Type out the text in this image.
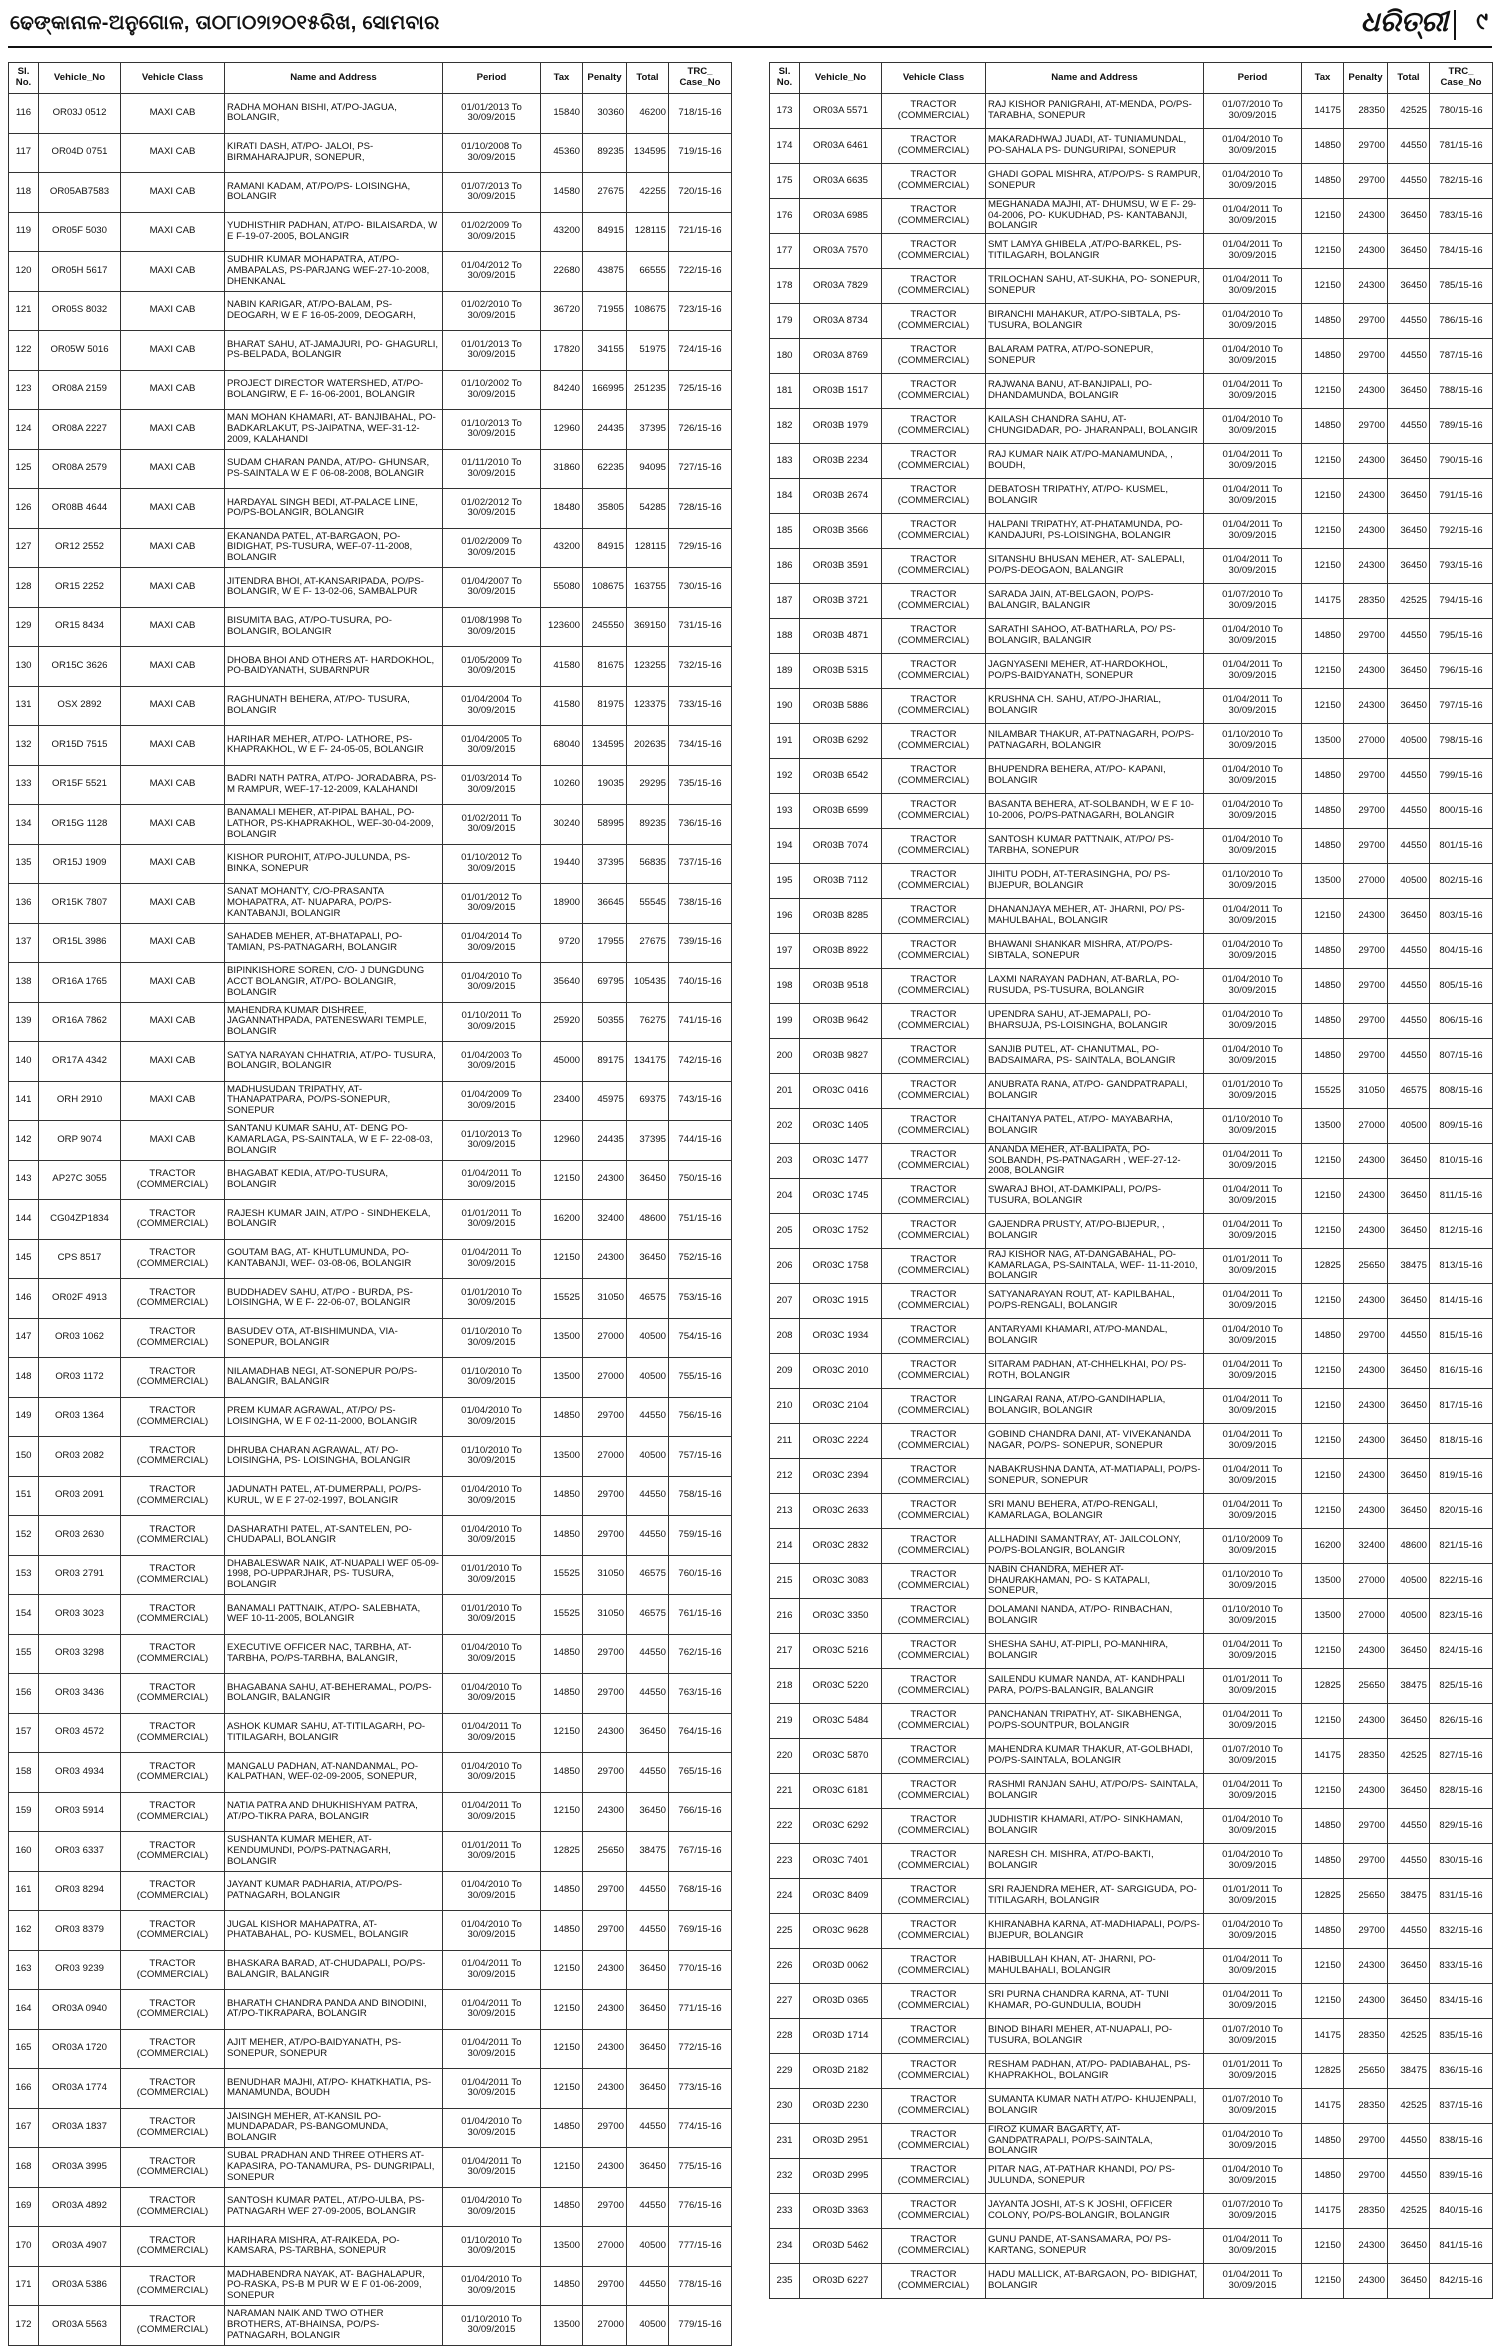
ଢେଙ୍କାନାଳ-ଅନୁଗୋଳ, ତା୦୮ା୦୨ା୨୦୧୫ରିଖ, ସୋମବାର	ଧରିତ୍ରୀ ୯
Sl. No.	Vehicle_No	Vehicle Class	Name and Address	Period	Tax	Penalty	Total	TRC_ Case_No
116	OR03J 0512	MAXI CAB	RADHA MOHAN BISHI, AT/PO-JAGUA, BOLANGIR,	01/01/2013 To 30/09/2015	15840	30360	46200	718/15-16
117	OR04D 0751	MAXI CAB	KIRATI DASH, AT/PO- JALOI, PS- BIRMAHARAJPUR, SONEPUR,	01/10/2008 To 30/09/2015	45360	89235	134595	719/15-16
118	OR05AB7583	MAXI CAB	RAMANI KADAM, AT/PO/PS- LOISINGHA, BOLANGIR	01/07/2013 To 30/09/2015	14580	27675	42255	720/15-16
119	OR05F 5030	MAXI CAB	YUDHISTHIR PADHAN, AT/PO- BILAISARDA, W E F-19-07-2005, BOLANGIR	01/02/2009 To 30/09/2015	43200	84915	128115	721/15-16
120	OR05H 5617	MAXI CAB	SUDHIR KUMAR MOHAPATRA, AT/PO- AMBAPALAS, PS-PARJANG WEF-27-10-2008, DHENKANAL	01/04/2012 To 30/09/2015	22680	43875	66555	722/15-16
121	OR05S 8032	MAXI CAB	NABIN KARIGAR, AT/PO-BALAM, PS-DEOGARH, W E F 16-05-2009, DEOGARH,	01/02/2010 To 30/09/2015	36720	71955	108675	723/15-16
122	OR05W 5016	MAXI CAB	BHARAT SAHU, AT-JAMAJURI, PO- GHAGURLI, PS-BELPADA, BOLANGIR	01/01/2013 To 30/09/2015	17820	34155	51975	724/15-16
123	OR08A 2159	MAXI CAB	PROJECT DIRECTOR WATERSHED, AT/PO- BOLANGIRW, E F- 16-06-2001, BOLANGIR	01/10/2002 To 30/09/2015	84240	166995	251235	725/15-16
124	OR08A 2227	MAXI CAB	MAN MOHAN KHAMARI, AT- BANJIBAHAL, PO-BADKARLAKUT, PS-JAIPATNA, WEF-31-12-2009, KALAHANDI	01/10/2013 To 30/09/2015	12960	24435	37395	726/15-16
125	OR08A 2579	MAXI CAB	SUDAM CHARAN PANDA, AT/PO- GHUNSAR, PS-SAINTALA W E F 06-08-2008, BOLANGIR	01/11/2010 To 30/09/2015	31860	62235	94095	727/15-16
126	OR08B 4644	MAXI CAB	HARDAYAL SINGH BEDI, AT-PALACE LINE, PO/PS-BOLANGIR, BOLANGIR	01/02/2012 To 30/09/2015	18480	35805	54285	728/15-16
127	OR12 2552	MAXI CAB	EKANANDA PATEL, AT-BARGAON, PO-BIDIGHAT, PS-TUSURA, WEF-07-11-2008, BOLANGIR	01/02/2009 To 30/09/2015	43200	84915	128115	729/15-16
128	OR15 2252	MAXI CAB	JITENDRA BHOI, AT-KANSARIPADA, PO/PS- BOLANGIR, W E F- 13-02-06, SAMBALPUR	01/04/2007 To 30/09/2015	55080	108675	163755	730/15-16
129	OR15 8434	MAXI CAB	BISUMITA BAG, AT/PO-TUSURA, PO- BOLANGIR, BOLANGIR	01/08/1998 To 30/09/2015	123600	245550	369150	731/15-16
130	OR15C 3626	MAXI CAB	DHOBA BHOI AND OTHERS AT- HARDOKHOL, PO-BAIDYANATH, SUBARNPUR	01/05/2009 To 30/09/2015	41580	81675	123255	732/15-16
131	OSX 2892	MAXI CAB	RAGHUNATH BEHERA, AT/PO- TUSURA, BOLANGIR	01/04/2004 To 30/09/2015	41580	81975	123375	733/15-16
132	OR15D 7515	MAXI CAB	HARIHAR MEHER, AT/PO- LATHORE, PS- KHAPRAKHOL, W E F- 24-05-05, BOLANGIR	01/04/2005 To 30/09/2015	68040	134595	202635	734/15-16
133	OR15F 5521	MAXI CAB	BADRI NATH PATRA, AT/PO- JORADABRA, PS-M RAMPUR, WEF-17-12-2009, KALAHANDI	01/03/2014 To 30/09/2015	10260	19035	29295	735/15-16
134	OR15G 1128	MAXI CAB	BANAMALI MEHER, AT-PIPAL BAHAL, PO-LATHOR, PS-KHAPRAKHOL, WEF-30-04-2009, BOLANGIR	01/02/2011 To 30/09/2015	30240	58995	89235	736/15-16
135	OR15J 1909	MAXI CAB	KISHOR PUROHIT, AT/PO-JULUNDA, PS-BINKA, SONEPUR	01/10/2012 To 30/09/2015	19440	37395	56835	737/15-16
136	OR15K 7807	MAXI CAB	SANAT MOHANTY, C/O-PRASANTA MOHAPATRA, AT- NUAPARA, PO/PS- KANTABANJI, BOLANGIR	01/01/2012 To 30/09/2015	18900	36645	55545	738/15-16
137	OR15L 3986	MAXI CAB	SAHADEB MEHER, AT-BHATAPALI, PO- TAMIAN, PS-PATNAGARH, BOLANGIR	01/04/2014 To 30/09/2015	9720	17955	27675	739/15-16
138	OR16A 1765	MAXI CAB	BIPINKISHORE SOREN, C/O- J DUNGDUNG ACCT BOLANGIR, AT/PO- BOLANGIR, BOLANGIR	01/04/2010 To 30/09/2015	35640	69795	105435	740/15-16
139	OR16A 7862	MAXI CAB	MAHENDRA KUMAR DISHREE, JAGANNATHPADA, PATENESWARI TEMPLE, BOLANGIR	01/10/2011 To 30/09/2015	25920	50355	76275	741/15-16
140	OR17A 4342	MAXI CAB	SATYA NARAYAN CHHATRIA, AT/PO- TUSURA, BOLANGIR, BOLANGIR	01/04/2003 To 30/09/2015	45000	89175	134175	742/15-16
141	ORH 2910	MAXI CAB	MADHUSUDAN TRIPATHY, AT- THANAPATPARA, PO/PS-SONEPUR, SONEPUR	01/04/2009 To 30/09/2015	23400	45975	69375	743/15-16
142	ORP 9074	MAXI CAB	SANTANU KUMAR SAHU, AT- DENG PO- KAMARLAGA, PS-SAINTALA, W E F- 22-08-03, BOLANGIR	01/10/2013 To 30/09/2015	12960	24435	37395	744/15-16
143	AP27C 3055	TRACTOR (COMMERCIAL)	BHAGABAT KEDIA, AT/PO-TUSURA, BOLANGIR	01/04/2011 To 30/09/2015	12150	24300	36450	750/15-16
144	CG04ZP1834	TRACTOR (COMMERCIAL)	RAJESH KUMAR JAIN, AT/PO - SINDHEKELA, BOLANGIR	01/01/2011 To 30/09/2015	16200	32400	48600	751/15-16
145	CPS 8517	TRACTOR (COMMERCIAL)	GOUTAM BAG, AT- KHUTLUMUNDA, PO- KANTABANJI, WEF- 03-08-06, BOLANGIR	01/04/2011 To 30/09/2015	12150	24300	36450	752/15-16
146	OR02F 4913	TRACTOR (COMMERCIAL)	BUDDHADEV SAHU, AT/PO - BURDA, PS- LOISINGHA, W E F- 22-06-07, BOLANGIR	01/01/2010 To 30/09/2015	15525	31050	46575	753/15-16
147	OR03 1062	TRACTOR (COMMERCIAL)	BASUDEV OTA, AT-BISHIMUNDA, VIA- SONEPUR, BOLANGIR	01/10/2010 To 30/09/2015	13500	27000	40500	754/15-16
148	OR03 1172	TRACTOR (COMMERCIAL)	NILAMADHAB NEGI, AT-SONEPUR PO/PS-BALANGIR, BALANGIR	01/10/2010 To 30/09/2015	13500	27000	40500	755/15-16
149	OR03 1364	TRACTOR (COMMERCIAL)	PREM KUMAR AGRAWAL, AT/PO/ PS-LOISINGHA, W E F 02-11-2000, BOLANGIR	01/04/2010 To 30/09/2015	14850	29700	44550	756/15-16
150	OR03 2082	TRACTOR (COMMERCIAL)	DHRUBA CHARAN AGRAWAL, AT/ PO-LOISINGHA, PS- LOISINGHA, BOLANGIR	01/10/2010 To 30/09/2015	13500	27000	40500	757/15-16
151	OR03 2091	TRACTOR (COMMERCIAL)	JADUNATH PATEL, AT-DUMERPALI, PO/PS-KURUL, W E F 27-02-1997, BOLANGIR	01/04/2010 To 30/09/2015	14850	29700	44550	758/15-16
152	OR03 2630	TRACTOR (COMMERCIAL)	DASHARATHI PATEL, AT-SANTELEN, PO-CHUDAPALI, BOLANGIR	01/04/2010 To 30/09/2015	14850	29700	44550	759/15-16
153	OR03 2791	TRACTOR (COMMERCIAL)	DHABALESWAR NAIK, AT-NUAPALI WEF 05-09-1998, PO-UPPARJHAR, PS- TUSURA, BOLANGIR	01/01/2010 To 30/09/2015	15525	31050	46575	760/15-16
154	OR03 3023	TRACTOR (COMMERCIAL)	BANAMALI PATTNAIK, AT/PO- SALEBHATA, WEF 10-11-2005, BOLANGIR	01/01/2010 To 30/09/2015	15525	31050	46575	761/15-16
155	OR03 3298	TRACTOR (COMMERCIAL)	EXECUTIVE OFFICER NAC, TARBHA, AT-TARBHA, PO/PS-TARBHA, BALANGIR,	01/04/2010 To 30/09/2015	14850	29700	44550	762/15-16
156	OR03 3436	TRACTOR (COMMERCIAL)	BHAGABANA SAHU, AT-BEHERAMAL, PO/PS-BOLANGIR, BALANGIR	01/04/2010 To 30/09/2015	14850	29700	44550	763/15-16
157	OR03 4572	TRACTOR (COMMERCIAL)	ASHOK KUMAR SAHU, AT-TITILAGARH, PO-TITILAGARH, BOLANGIR	01/04/2011 To 30/09/2015	12150	24300	36450	764/15-16
158	OR03 4934	TRACTOR (COMMERCIAL)	MANGALU PADHAN, AT-NANDANMAL, PO-KALPATHAN, WEF-02-09-2005, SONEPUR,	01/04/2010 To 30/09/2015	14850	29700	44550	765/15-16
159	OR03 5914	TRACTOR (COMMERCIAL)	NATIA PATRA AND DHUKHISHYAM PATRA, AT/PO-TIKRA PARA, BOLANGIR	01/04/2011 To 30/09/2015	12150	24300	36450	766/15-16
160	OR03 6337	TRACTOR (COMMERCIAL)	SUSHANTA KUMAR MEHER, AT- KENDUMUNDI, PO/PS-PATNAGARH, BOLANGIR	01/01/2011 To 30/09/2015	12825	25650	38475	767/15-16
161	OR03 8294	TRACTOR (COMMERCIAL)	JAYANT KUMAR PADHARIA, AT/PO/PS- PATNAGARH, BOLANGIR	01/04/2010 To 30/09/2015	14850	29700	44550	768/15-16
162	OR03 8379	TRACTOR (COMMERCIAL)	JUGAL KISHOR MAHAPATRA, AT- PHATABAHAL, PO- KUSMEL, BOLANGIR	01/04/2010 To 30/09/2015	14850	29700	44550	769/15-16
163	OR03 9239	TRACTOR (COMMERCIAL)	BHASKARA BARAD, AT-CHUDAPALI, PO/PS-BALANGIR, BALANGIR	01/04/2011 To 30/09/2015	12150	24300	36450	770/15-16
164	OR03A 0940	TRACTOR (COMMERCIAL)	BHARATH CHANDRA PANDA AND BINODINI, AT/PO-TIKRAPARA, BOLANGIR	01/04/2011 To 30/09/2015	12150	24300	36450	771/15-16
165	OR03A 1720	TRACTOR (COMMERCIAL)	AJIT MEHER, AT/PO-BAIDYANATH, PS- SONEPUR, SONEPUR	01/04/2011 To 30/09/2015	12150	24300	36450	772/15-16
166	OR03A 1774	TRACTOR (COMMERCIAL)	BENUDHAR MAJHI, AT/PO- KHATKHATIA, PS-MANAMUNDA, BOUDH	01/04/2011 To 30/09/2015	12150	24300	36450	773/15-16
167	OR03A 1837	TRACTOR (COMMERCIAL)	JAISINGH MEHER, AT-KANSIL PO- MUNDAPADAR, PS-BANGOMUNDA, BOLANGIR	01/04/2010 To 30/09/2015	14850	29700	44550	774/15-16
168	OR03A 3995	TRACTOR (COMMERCIAL)	SUBAL PRADHAN AND THREE OTHERS AT-KAPASIRA, PO-TANAMURA, PS- DUNGRIPALI, SONEPUR	01/04/2011 To 30/09/2015	12150	24300	36450	775/15-16
169	OR03A 4892	TRACTOR (COMMERCIAL)	SANTOSH KUMAR PATEL, AT/PO-ULBA, PS- PATNAGARH WEF 27-09-2005, BOLANGIR	01/04/2010 To 30/09/2015	14850	29700	44550	776/15-16
170	OR03A 4907	TRACTOR (COMMERCIAL)	HARIHARA MISHRA, AT-RAIKEDA, PO- KAMSARA, PS-TARBHA, SONEPUR	01/10/2010 To 30/09/2015	13500	27000	40500	777/15-16
171	OR03A 5386	TRACTOR (COMMERCIAL)	MADHABENDRA NAYAK, AT- BAGHALAPUR, PO-RASKA, PS-B M PUR W E F 01-06-2009, SONEPUR	01/04/2010 To 30/09/2015	14850	29700	44550	778/15-16
172	OR03A 5563	TRACTOR (COMMERCIAL)	NARAMAN NAIK AND TWO OTHER BROTHERS, AT-BHAINSA, PO/PS- PATNAGARH, BOLANGIR	01/10/2010 To 30/09/2015	13500	27000	40500	779/15-16
Sl. No.	Vehicle_No	Vehicle Class	Name and Address	Period	Tax	Penalty	Total	TRC_ Case_No
173	OR03A 5571	TRACTOR (COMMERCIAL)	RAJ KISHOR PANIGRAHI, AT-MENDA, PO/PS-TARABHA, SONEPUR	01/07/2010 To 30/09/2015	14175	28350	42525	780/15-16
174	OR03A 6461	TRACTOR (COMMERCIAL)	MAKARADHWAJ JUADI, AT- TUNIAMUNDAL, PO-SAHALA PS- DUNGURIPAI, SONEPUR	01/04/2010 To 30/09/2015	14850	29700	44550	781/15-16
175	OR03A 6635	TRACTOR (COMMERCIAL)	GHADI GOPAL MISHRA, AT/PO/PS- S RAMPUR, SONEPUR	01/04/2010 To 30/09/2015	14850	29700	44550	782/15-16
176	OR03A 6985	TRACTOR (COMMERCIAL)	MEGHANADA MAJHI, AT- DHUMSU, W E F- 29-04-2006, PO- KUKUDHAD, PS- KANTABANJI, BOLANGIR	01/04/2011 To 30/09/2015	12150	24300	36450	783/15-16
177	OR03A 7570	TRACTOR (COMMERCIAL)	SMT LAMYA GHIBELA ,AT/PO-BARKEL, PS-TITILAGARH, BOLANGIR	01/04/2011 To 30/09/2015	12150	24300	36450	784/15-16
178	OR03A 7829	TRACTOR (COMMERCIAL)	TRILOCHAN SAHU, AT-SUKHA, PO- SONEPUR, SONEPUR	01/04/2011 To 30/09/2015	12150	24300	36450	785/15-16
179	OR03A 8734	TRACTOR (COMMERCIAL)	BIRANCHI MAHAKUR, AT/PO-SIBTALA, PS-TUSURA, BOLANGIR	01/04/2010 To 30/09/2015	14850	29700	44550	786/15-16
180	OR03A 8769	TRACTOR (COMMERCIAL)	BALARAM PATRA, AT/PO-SONEPUR, SONEPUR	01/04/2010 To 30/09/2015	14850	29700	44550	787/15-16
181	OR03B 1517	TRACTOR (COMMERCIAL)	RAJWANA BANU, AT-BANJIPALI, PO- DHANDAMUNDA, BOLANGIR	01/04/2011 To 30/09/2015	12150	24300	36450	788/15-16
182	OR03B 1979	TRACTOR (COMMERCIAL)	KAILASH CHANDRA SAHU, AT- CHUNGIDADAR, PO- JHARANPALI, BOLANGIR	01/04/2010 To 30/09/2015	14850	29700	44550	789/15-16
183	OR03B 2234	TRACTOR (COMMERCIAL)	RAJ KUMAR NAIK AT/PO-MANAMUNDA, , BOUDH,	01/04/2011 To 30/09/2015	12150	24300	36450	790/15-16
184	OR03B 2674	TRACTOR (COMMERCIAL)	DEBATOSH TRIPATHY, AT/PO- KUSMEL, BOLANGIR	01/04/2011 To 30/09/2015	12150	24300	36450	791/15-16
185	OR03B 3566	TRACTOR (COMMERCIAL)	HALPANI TRIPATHY, AT-PHATAMUNDA, PO-KANDAJURI, PS-LOISINGHA, BOLANGIR	01/04/2011 To 30/09/2015	12150	24300	36450	792/15-16
186	OR03B 3591	TRACTOR (COMMERCIAL)	SITANSHU BHUSAN MEHER, AT- SALEPALI, PO/PS-DEOGAON, BALANGIR	01/04/2011 To 30/09/2015	12150	24300	36450	793/15-16
187	OR03B 3721	TRACTOR (COMMERCIAL)	SARADA JAIN, AT-BELGAON, PO/PS- BALANGIR, BALANGIR	01/07/2010 To 30/09/2015	14175	28350	42525	794/15-16
188	OR03B 4871	TRACTOR (COMMERCIAL)	SARATHI SAHOO, AT-BATHARLA, PO/ PS-BOLANGIR, BALANGIR	01/04/2010 To 30/09/2015	14850	29700	44550	795/15-16
189	OR03B 5315	TRACTOR (COMMERCIAL)	JAGNYASENI MEHER, AT-HARDOKHOL, PO/PS-BAIDYANATH, SONEPUR	01/04/2011 To 30/09/2015	12150	24300	36450	796/15-16
190	OR03B 5886	TRACTOR (COMMERCIAL)	KRUSHNA CH. SAHU, AT/PO-JHARIAL, BOLANGIR	01/04/2011 To 30/09/2015	12150	24300	36450	797/15-16
191	OR03B 6292	TRACTOR (COMMERCIAL)	NILAMBAR THAKUR, AT-PATNAGARH, PO/PS-PATNAGARH, BOLANGIR	01/10/2010 To 30/09/2015	13500	27000	40500	798/15-16
192	OR03B 6542	TRACTOR (COMMERCIAL)	BHUPENDRA BEHERA, AT/PO- KAPANI, BOLANGIR	01/04/2010 To 30/09/2015	14850	29700	44550	799/15-16
193	OR03B 6599	TRACTOR (COMMERCIAL)	BASANTA BEHERA, AT-SOLBANDH, W E F 10-10-2006, PO/PS-PATNAGARH, BOLANGIR	01/04/2010 To 30/09/2015	14850	29700	44550	800/15-16
194	OR03B 7074	TRACTOR (COMMERCIAL)	SANTOSH KUMAR PATTNAIK, AT/PO/ PS-TARBHA, SONEPUR	01/04/2010 To 30/09/2015	14850	29700	44550	801/15-16
195	OR03B 7112	TRACTOR (COMMERCIAL)	JIHITU PODH, AT-TERASINGHA, PO/ PS-BIJEPUR, BOLANGIR	01/10/2010 To 30/09/2015	13500	27000	40500	802/15-16
196	OR03B 8285	TRACTOR (COMMERCIAL)	DHANANJAYA MEHER, AT- JHARNI, PO/ PS-MAHULBAHAL, BOLANGIR	01/04/2011 To 30/09/2015	12150	24300	36450	803/15-16
197	OR03B 8922	TRACTOR (COMMERCIAL)	BHAWANI SHANKAR MISHRA, AT/PO/PS- SIBTALA, SONEPUR	01/04/2010 To 30/09/2015	14850	29700	44550	804/15-16
198	OR03B 9518	TRACTOR (COMMERCIAL)	LAXMI NARAYAN PADHAN, AT-BARLA, PO-RUSUDA, PS-TUSURA, BOLANGIR	01/04/2010 To 30/09/2015	14850	29700	44550	805/15-16
199	OR03B 9642	TRACTOR (COMMERCIAL)	UPENDRA SAHU, AT-JEMAPALI, PO- BHARSUJA, PS-LOISINGHA, BOLANGIR	01/04/2010 To 30/09/2015	14850	29700	44550	806/15-16
200	OR03B 9827	TRACTOR (COMMERCIAL)	SANJIB PUTEL, AT- CHANUTMAL, PO-BADSAIMARA, PS- SAINTALA, BOLANGIR	01/04/2010 To 30/09/2015	14850	29700	44550	807/15-16
201	OR03C 0416	TRACTOR (COMMERCIAL)	ANUBRATA RANA, AT/PO- GANDPATRAPALI, BOLANGIR	01/01/2010 To 30/09/2015	15525	31050	46575	808/15-16
202	OR03C 1405	TRACTOR (COMMERCIAL)	CHAITANYA PATEL, AT/PO- MAYABARHA, BOLANGIR	01/10/2010 To 30/09/2015	13500	27000	40500	809/15-16
203	OR03C 1477	TRACTOR (COMMERCIAL)	ANANDA MEHER, AT-BALIPATA, PO- SOLBANDH, PS-PATNAGARH , WEF-27-12-2008, BOLANGIR	01/04/2011 To 30/09/2015	12150	24300	36450	810/15-16
204	OR03C 1745	TRACTOR (COMMERCIAL)	SWARAJ BHOI, AT-DAMKIPALI, PO/PS- TUSURA, BOLANGIR	01/04/2011 To 30/09/2015	12150	24300	36450	811/15-16
205	OR03C 1752	TRACTOR (COMMERCIAL)	GAJENDRA PRUSTY, AT/PO-BIJEPUR, , BOLANGIR	01/04/2011 To 30/09/2015	12150	24300	36450	812/15-16
206	OR03C 1758	TRACTOR (COMMERCIAL)	RAJ KISHOR NAG, AT-DANGABAHAL, PO-KAMARLAGA, PS-SAINTALA, WEF- 11-11-2010, BOLANGIR	01/01/2011 To 30/09/2015	12825	25650	38475	813/15-16
207	OR03C 1915	TRACTOR (COMMERCIAL)	SATYANARAYAN ROUT, AT- KAPILBAHAL, PO/PS-RENGALI, BOLANGIR	01/04/2011 To 30/09/2015	12150	24300	36450	814/15-16
208	OR03C 1934	TRACTOR (COMMERCIAL)	ANTARYAMI KHAMARI, AT/PO-MANDAL, BOLANGIR	01/04/2010 To 30/09/2015	14850	29700	44550	815/15-16
209	OR03C 2010	TRACTOR (COMMERCIAL)	SITARAM PADHAN, AT-CHHELKHAI, PO/ PS-ROTH, BOLANGIR	01/04/2011 To 30/09/2015	12150	24300	36450	816/15-16
210	OR03C 2104	TRACTOR (COMMERCIAL)	LINGARAI RANA, AT/PO-GANDIHAPLIA, BOLANGIR, BOLANGIR	01/04/2011 To 30/09/2015	12150	24300	36450	817/15-16
211	OR03C 2224	TRACTOR (COMMERCIAL)	GOBIND CHANDRA DANI, AT- VIVEKANANDA NAGAR, PO/PS- SONEPUR, SONEPUR	01/04/2011 To 30/09/2015	12150	24300	36450	818/15-16
212	OR03C 2394	TRACTOR (COMMERCIAL)	NABAKRUSHNA DANTA, AT-MATIAPALI, PO/PS-SONEPUR, SONEPUR	01/04/2011 To 30/09/2015	12150	24300	36450	819/15-16
213	OR03C 2633	TRACTOR (COMMERCIAL)	SRI MANU BEHERA, AT/PO-RENGALI, KAMARLAGA, BOLANGIR	01/04/2011 To 30/09/2015	12150	24300	36450	820/15-16
214	OR03C 2832	TRACTOR (COMMERCIAL)	ALLHADINI SAMANTRAY, AT- JAILCOLONY, PO/PS-BOLANGIR, BOLANGIR	01/10/2009 To 30/09/2015	16200	32400	48600	821/15-16
215	OR03C 3083	TRACTOR (COMMERCIAL)	NABIN CHANDRA, MEHER AT- DHAURAKHAMAN, PO- S KATAPALI, SONEPUR,	01/10/2010 To 30/09/2015	13500	27000	40500	822/15-16
216	OR03C 3350	TRACTOR (COMMERCIAL)	DOLAMANI NANDA, AT/PO- RINBACHAN, BOLANGIR	01/10/2010 To 30/09/2015	13500	27000	40500	823/15-16
217	OR03C 5216	TRACTOR (COMMERCIAL)	SHESHA SAHU, AT-PIPLI, PO-MANHIRA, BOLANGIR	01/04/2011 To 30/09/2015	12150	24300	36450	824/15-16
218	OR03C 5220	TRACTOR (COMMERCIAL)	SAILENDU KUMAR NANDA, AT- KANDHPALI PARA, PO/PS-BALANGIR, BALANGIR	01/01/2011 To 30/09/2015	12825	25650	38475	825/15-16
219	OR03C 5484	TRACTOR (COMMERCIAL)	PANCHANAN TRIPATHY, AT- SIKABHENGA, PO/PS-SOUNTPUR, BOLANGIR	01/04/2011 To 30/09/2015	12150	24300	36450	826/15-16
220	OR03C 5870	TRACTOR (COMMERCIAL)	MAHENDRA KUMAR THAKUR, AT-GOLBHADI, PO/PS-SAINTALA, BOLANGIR	01/07/2010 To 30/09/2015	14175	28350	42525	827/15-16
221	OR03C 6181	TRACTOR (COMMERCIAL)	RASHMI RANJAN SAHU, AT/PO/PS- SAINTALA, BOLANGIR	01/04/2011 To 30/09/2015	12150	24300	36450	828/15-16
222	OR03C 6292	TRACTOR (COMMERCIAL)	JUDHISTIR KHAMARI, AT/PO- SINKHAMAN, BOLANGIR	01/04/2010 To 30/09/2015	14850	29700	44550	829/15-16
223	OR03C 7401	TRACTOR (COMMERCIAL)	NARESH CH. MISHRA, AT/PO-BAKTI, BOLANGIR	01/04/2010 To 30/09/2015	14850	29700	44550	830/15-16
224	OR03C 8409	TRACTOR (COMMERCIAL)	SRI RAJENDRA MEHER, AT- SARGIGUDA, PO- TITILAGARH, BOLANGIR	01/01/2011 To 30/09/2015	12825	25650	38475	831/15-16
225	OR03C 9628	TRACTOR (COMMERCIAL)	KHIRANABHA KARNA, AT-MADHIAPALI, PO/PS-BIJEPUR, BOLANGIR	01/04/2010 To 30/09/2015	14850	29700	44550	832/15-16
226	OR03D 0062	TRACTOR (COMMERCIAL)	HABIBULLAH KHAN, AT- JHARNI, PO- MAHULBAHALI, BOLANGIR	01/04/2011 To 30/09/2015	12150	24300	36450	833/15-16
227	OR03D 0365	TRACTOR (COMMERCIAL)	SRI PURNA CHANDRA KARNA, AT- TUNI KHAMAR, PO-GUNDULIA, BOUDH	01/04/2011 To 30/09/2015	12150	24300	36450	834/15-16
228	OR03D 1714	TRACTOR (COMMERCIAL)	BINOD BIHARI MEHER, AT-NUAPALI, PO-TUSURA, BOLANGIR	01/07/2010 To 30/09/2015	14175	28350	42525	835/15-16
229	OR03D 2182	TRACTOR (COMMERCIAL)	RESHAM PADHAN, AT/PO- PADIABAHAL, PS-KHAPRAKHOL, BOLANGIR	01/01/2011 To 30/09/2015	12825	25650	38475	836/15-16
230	OR03D 2230	TRACTOR (COMMERCIAL)	SUMANTA KUMAR NATH AT/PO- KHUJENPALI, BOLANGIR	01/07/2010 To 30/09/2015	14175	28350	42525	837/15-16
231	OR03D 2951	TRACTOR (COMMERCIAL)	FIROZ KUMAR BAGARTY, AT- GANDPATRAPALI, PO/PS-SAINTALA, BOLANGIR	01/04/2010 To 30/09/2015	14850	29700	44550	838/15-16
232	OR03D 2995	TRACTOR (COMMERCIAL)	PITAR NAG, AT-PATHAR KHANDI, PO/ PS-JULUNDA, SONEPUR	01/04/2010 To 30/09/2015	14850	29700	44550	839/15-16
233	OR03D 3363	TRACTOR (COMMERCIAL)	JAYANTA JOSHI, AT-S K JOSHI, OFFICER COLONY, PO/PS-BOLANGIR, BOLANGIR	01/07/2010 To 30/09/2015	14175	28350	42525	840/15-16
234	OR03D 5462	TRACTOR (COMMERCIAL)	GUNU PANDE, AT-SANSAMARA, PO/ PS-KARTANG, SONEPUR	01/04/2011 To 30/09/2015	12150	24300	36450	841/15-16
235	OR03D 6227	TRACTOR (COMMERCIAL)	HADU MALLICK, AT-BARGAON, PO- BIDIGHAT, BOLANGIR	01/04/2011 To 30/09/2015	12150	24300	36450	842/15-16
